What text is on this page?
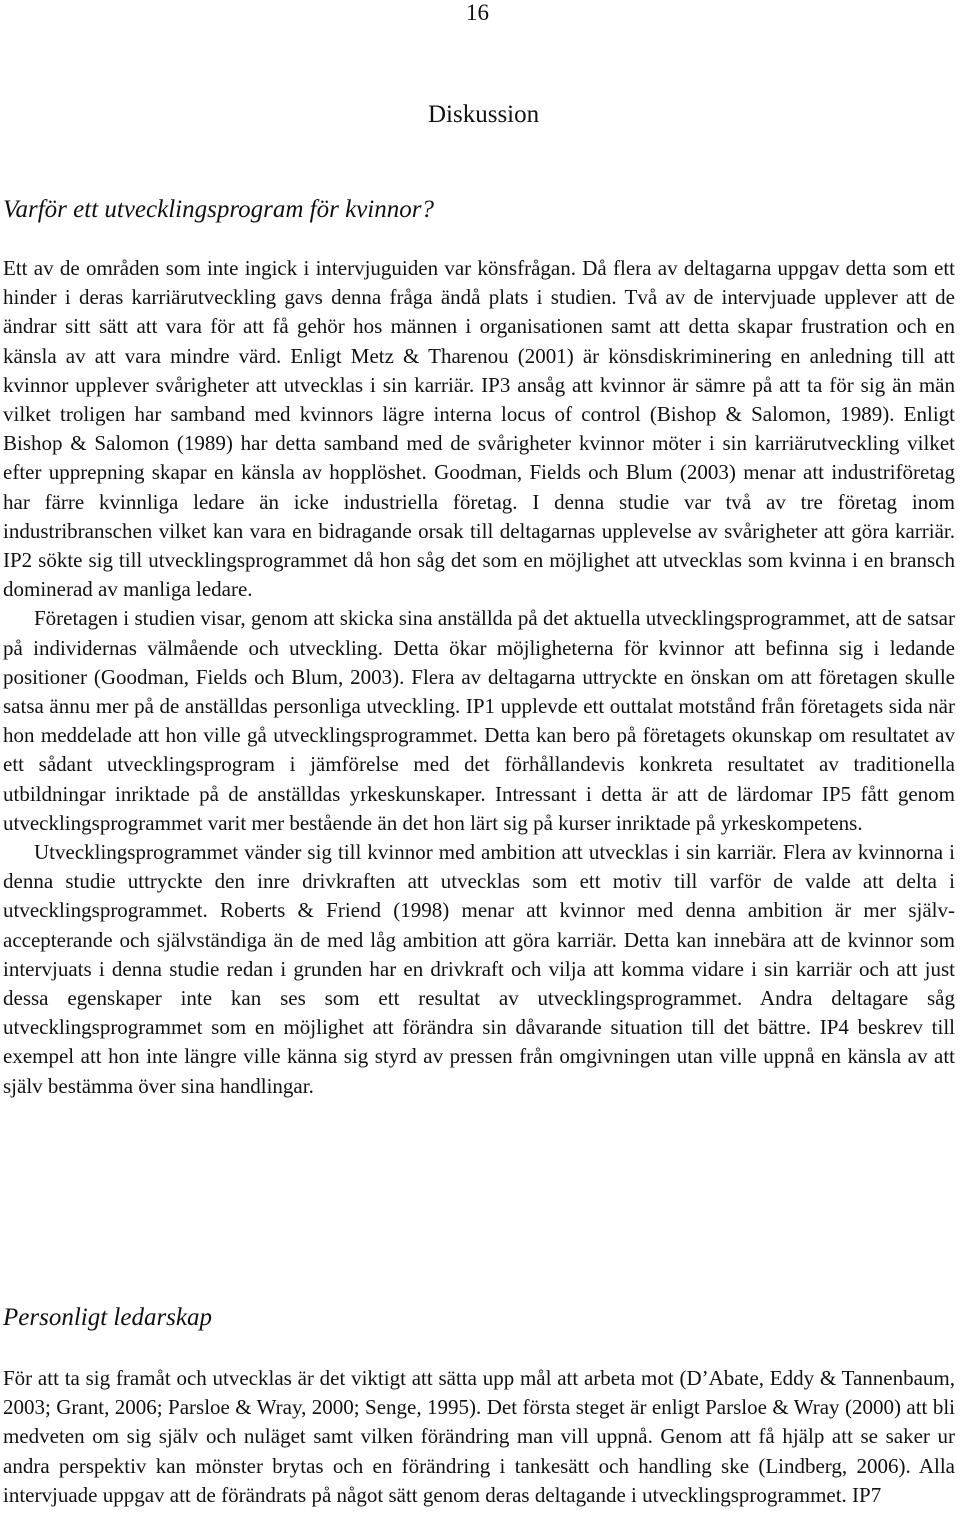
16
Diskussion
Varför ett utvecklingsprogram för kvinnor?

Ett av de områden som inte ingick i intervjuguiden var könsfrågan. Då flera av deltagarna uppgav detta som ett hinder i deras karriärutveckling gavs denna fråga ändå plats i studien. Två av de intervjuade upplever att de ändrar sitt sätt att vara för att få gehör hos männen i organisationen samt att detta skapar frustration och en känsla av att vara mindre värd. Enligt Metz & Tharenou (2001) är könsdiskriminering en anledning till att kvinnor upplever svårigheter att utvecklas i sin karriär. IP3 ansåg att kvinnor är sämre på att ta för sig än män vilket troligen har samband med kvinnors lägre interna locus of control (Bishop & Salomon, 1989). Enligt Bishop & Salomon (1989) har detta samband med de svårigheter kvinnor möter i sin karriärutveckling vilket efter upprepning skapar en känsla av hopplöshet. Goodman, Fields och Blum (2003) menar att industriföretag har färre kvinnliga ledare än icke industriella företag. I denna studie var två av tre företag inom industribranschen vilket kan vara en bidragande orsak till deltagarnas upplevelse av svårigheter att göra karriär. IP2 sökte sig till utvecklingsprogrammet då hon såg det som en möjlighet att utvecklas som kvinna i en bransch dominerad av manliga ledare.

Företagen i studien visar, genom att skicka sina anställda på det aktuella utvecklingsprogrammet, att de satsar på individernas välmående och utveckling. Detta ökar möjligheterna för kvinnor att befinna sig i ledande positioner (Goodman, Fields och Blum, 2003). Flera av deltagarna uttryckte en önskan om att företagen skulle satsa ännu mer på de anställdas personliga utveckling. IP1 upplevde ett outtalat motstånd från företagets sida när hon meddelade att hon ville gå utvecklingsprogrammet. Detta kan bero på företagets okunskap om resultatet av ett sådant utvecklingsprogram i jämförelse med det förhållandevis konkreta resultatet av traditionella utbildningar inriktade på de anställdas yrkeskunskaper. Intressant i detta är att de lärdomar IP5 fått genom utvecklingsprogrammet varit mer bestående än det hon lärt sig på kurser inriktade på yrkeskompetens.

Utvecklingsprogrammet vänder sig till kvinnor med ambition att utvecklas i sin karriär. Flera av kvinnorna i denna studie uttryckte den inre drivkraften att utvecklas som ett motiv till varför de valde att delta i utvecklingsprogrammet. Roberts & Friend (1998) menar att kvinnor med denna ambition är mer själv-accepterande och självständiga än de med låg ambition att göra karriär. Detta kan innebära att de kvinnor som intervjuats i denna studie redan i grunden har en drivkraft och vilja att komma vidare i sin karriär och att just dessa egenskaper inte kan ses som ett resultat av utvecklingsprogrammet. Andra deltagare såg utvecklingsprogrammet som en möjlighet att förändra sin dåvarande situation till det bättre. IP4 beskrev till exempel att hon inte längre ville känna sig styrd av pressen från omgivningen utan ville uppnå en känsla av att själv bestämma över sina handlingar.

Personligt ledarskap

För att ta sig framåt och utvecklas är det viktigt att sätta upp mål att arbeta mot (D’Abate, Eddy & Tannenbaum, 2003; Grant, 2006; Parsloe & Wray, 2000; Senge, 1995). Det första steget är enligt Parsloe & Wray (2000) att bli medveten om sig själv och nuläget samt vilken förändring man vill uppnå. Genom att få hjälp att se saker ur andra perspektiv kan mönster brytas och en förändring i tankesätt och handling ske (Lindberg, 2006). Alla intervjuade uppgav att de förändrats på något sätt genom deras deltagande i utvecklingsprogrammet. IP7
